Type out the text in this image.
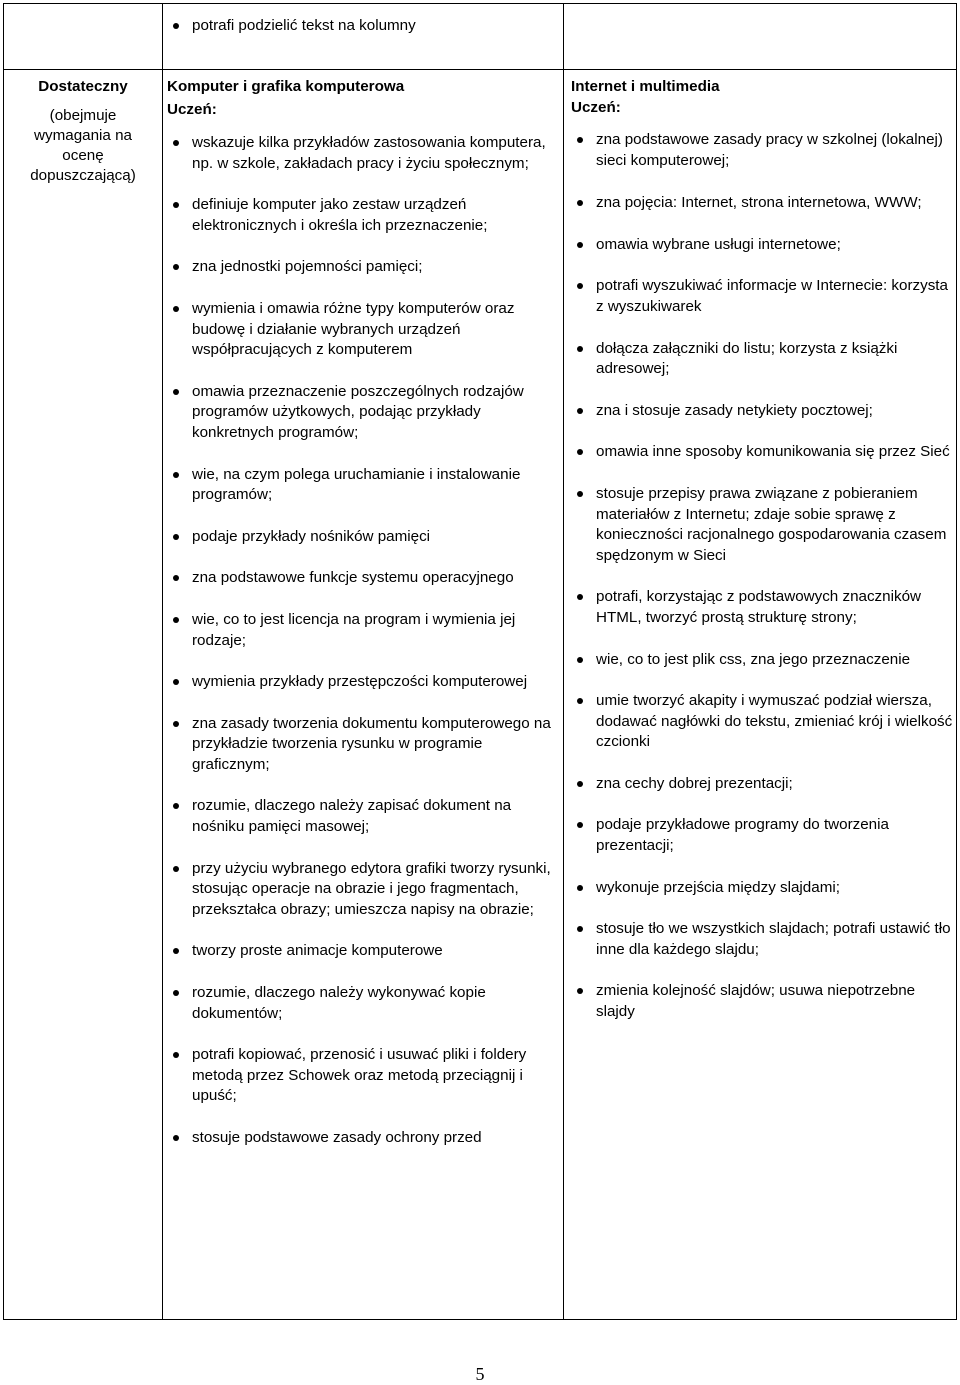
potrafi podzielić tekst na kolumny
Dostateczny
(obejmuje
wymagania na
ocenę
dopuszczającą)
Komputer i grafika komputerowa
Uczeń:
wskazuje kilka przykładów zastosowania komputera, np. w szkole, zakładach pracy i życiu społecznym;
definiuje komputer jako zestaw urządzeń elektronicznych i określa ich przeznaczenie;
zna jednostki pojemności pamięci;
wymienia i omawia różne typy komputerów oraz budowę i działanie wybranych urządzeń współpracujących z komputerem
omawia przeznaczenie poszczególnych rodzajów programów użytkowych, podając przykłady konkretnych programów;
wie, na czym polega uruchamianie i instalowanie programów;
podaje przykłady nośników pamięci
zna podstawowe funkcje systemu operacyjnego
wie, co to jest licencja na program i wymienia jej rodzaje;
wymienia przykłady przestępczości komputerowej
zna zasady tworzenia dokumentu komputerowego na przykładzie tworzenia rysunku w programie graficznym;
rozumie, dlaczego należy zapisać dokument na nośniku pamięci masowej;
przy użyciu wybranego edytora grafiki tworzy rysunki, stosując operacje na obrazie i jego fragmentach, przekształca obrazy; umieszcza napisy na obrazie;
tworzy proste animacje komputerowe
rozumie, dlaczego należy wykonywać kopie dokumentów;
potrafi kopiować, przenosić i usuwać pliki i foldery metodą przez Schowek oraz metodą przeciągnij i upuść;
stosuje podstawowe zasady ochrony przed
Internet i multimedia
Uczeń:
zna podstawowe zasady pracy w szkolnej (lokalnej) sieci komputerowej;
zna pojęcia: Internet, strona internetowa, WWW;
omawia wybrane usługi internetowe;
potrafi wyszukiwać informacje w Internecie: korzysta z wyszukiwarek
dołącza załączniki do listu; korzysta z książki adresowej;
zna i stosuje zasady netykiety pocztowej;
omawia inne sposoby komunikowania się przez Sieć
stosuje przepisy prawa związane z pobieraniem materiałów z Internetu; zdaje sobie sprawę z konieczności racjonalnego gospodarowania czasem spędzonym w Sieci
potrafi, korzystając z podstawowych znaczników HTML, tworzyć prostą strukturę strony;
wie, co to jest plik css, zna jego przeznaczenie
umie tworzyć akapity i wymuszać podział wiersza, dodawać nagłówki do tekstu, zmieniać krój i wielkość czcionki
zna cechy dobrej prezentacji;
podaje przykładowe programy do tworzenia prezentacji;
wykonuje przejścia między slajdami;
stosuje tło we wszystkich slajdach; potrafi ustawić tło inne dla każdego slajdu;
zmienia kolejność slajdów; usuwa niepotrzebne slajdy
5
